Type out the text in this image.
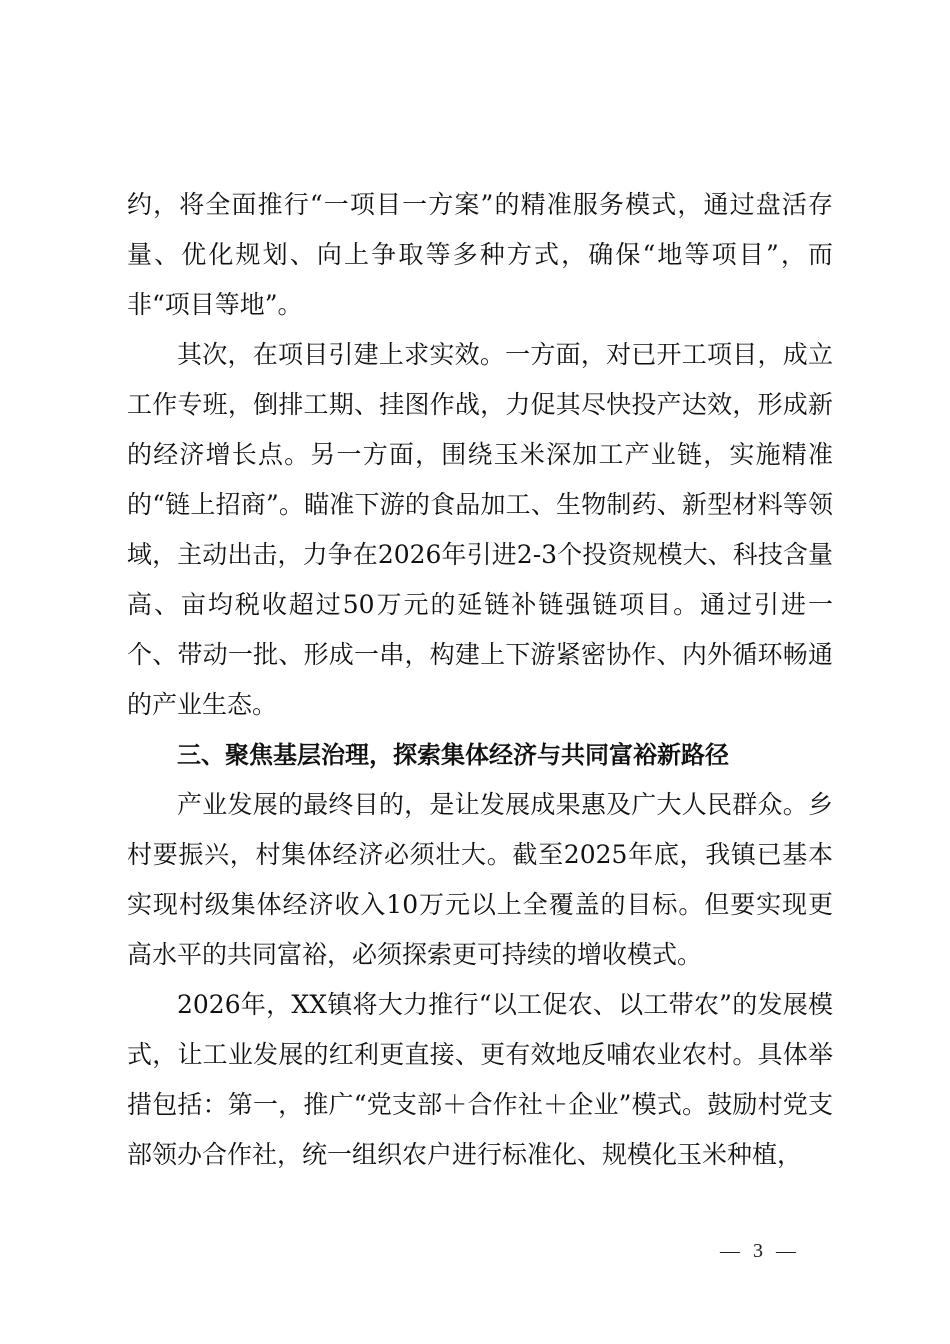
约，将全面推行“一项目一方案”的精准服务模式，通过盘活存量、优化规划、向上争取等多种方式，确保“地等项目”，而非“项目等地”。

其次，在项目引建上求实效。一方面，对已开工项目，成立工作专班，倒排工期、挂图作战，力促其尽快投产达效，形成新的经济增长点。另一方面，围绕玉米深加工产业链，实施精准的“链上招商”。瞄准下游的食品加工、生物制药、新型材料等领域，主动出击，力争在2026年引进2-3个投资规模大、科技含量高、亩均税收超过50万元的延链补链强链项目。通过引进一个、带动一批、形成一串，构建上下游紧密协作、内外循环畅通的产业生态。

三、聚焦基层治理，探索集体经济与共同富裕新路径

产业发展的最终目的，是让发展成果惠及广大人民群众。乡村要振兴，村集体经济必须壮大。截至2025年底，我镇已基本实现村级集体经济收入10万元以上全覆盖的目标。但要实现更高水平的共同富裕，必须探索更可持续的增收模式。

2026年，XX镇将大力推行“以工促农、以工带农”的发展模式，让工业发展的红利更直接、更有效地反哺农业农村。具体举措包括：第一，推广“党支部＋合作社＋企业”模式。鼓励村党支部领办合作社，统一组织农户进行标准化、规模化玉米种植，

— 3 —
